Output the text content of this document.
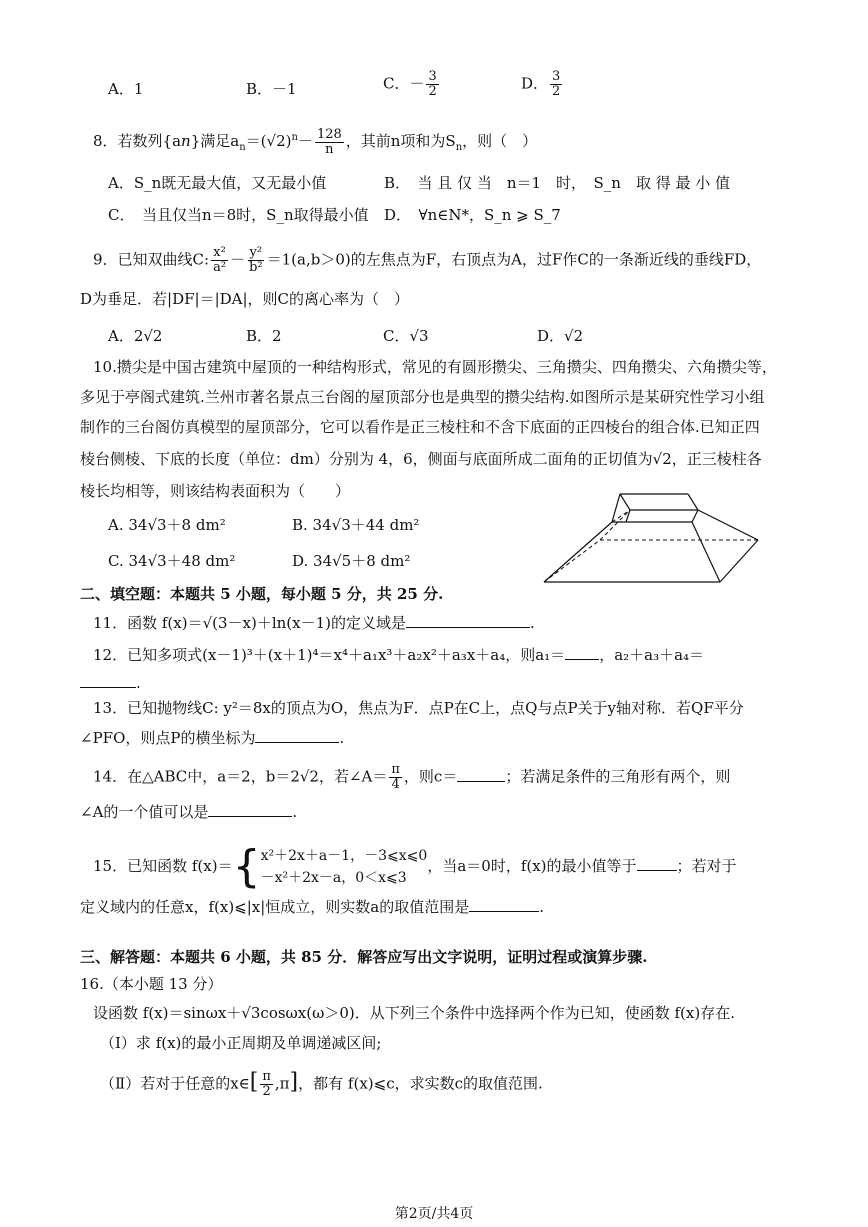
A．1	B．－1	C．－ $\frac{3}{2}$	D． $\frac{3}{2}$
8．若数列{an}满足$a_n=(√2)^n- \frac{128}{n}$ ，其前n项和为$S_n$，则（　）
A．S_n既无最大值，又无最小值	B．　当 且 仅 当　n＝1　时，　S_n　取 得 最 小 值
C．　当且仅当n＝8时，S_n取得最小值 D．　∀n∈N*，S_n ⩾ S_7
9．已知双曲线C: $\frac{\text{x²}}{\text{a²}} - \frac{\text{y²}}{\text{b²}} =1(a,b>0)$的左焦点为F，右顶点为A，过F作C的一条渐近线的垂线FD，
D为垂足．若|DF|＝|DA|，则C的离心率为（　）
A．2√2	B．2	C．√3	D．√2
10.攒尖是中国古建筑中屋顶的一种结构形式，常见的有圆形攒尖、三角攒尖、四角攒尖、六角攒尖等，
多见于亭阁式建筑.兰州市著名景点三台阁的屋顶部分也是典型的攒尖结构.如图所示是某研究性学习小组
制作的三台阁仿真模型的屋顶部分，它可以看作是正三棱柱和不含下底面的正四棱台的组合体.已知正四
棱台侧棱、下底的长度（单位：dm）分别为 4，6，侧面与底面所成二面角的正切值为√2，正三棱柱各
棱长均相等，则该结构表面积为（　　）
A. 34√3＋8 dm²	B. 34√3＋44 dm²
C. 34√3＋48 dm²	D. 34√5＋8 dm²
二、填空题：本题共 5 小题，每小题 5 分，共 25 分.
11．函数 f(x)＝√(3－x)＋ln(x－1)的定义域是	.
12．已知多项式(x－1)³＋(x＋1)⁴＝x⁴＋a₁x³＋a₂x²＋a₃x＋a₄，则a₁＝ ，a₂＋a₃＋a₄＝
.
13．已知抛物线C: y²＝8x的顶点为O，焦点为F．点P在C上，点Q与点P关于y轴对称．若QF平分
∠PFO，则点P的横坐标为	.
14．在△ABC中，a＝2，b＝2√2，若∠A＝ $\frac{\pi}{4}$ ，则c＝	；若满足条件的三角形有两个，则
∠A的一个值可以是	.
15．已知函数 f(x)＝{ x²＋2x＋a－1，－3⩽x⩽0
－x²＋2x－a，0＜x⩽3
，当a＝0时，f(x)的最小值等于	；若对于
定义域内的任意x，f(x)⩽|x|恒成立，则实数a的取值范围是	.
三、解答题：本题共 6 小题，共 85 分．解答应写出文字说明，证明过程或演算步骤.
16.（本小题 13 分）
设函数 f(x)＝sinωx＋√3cosωx(ω＞0)．从下列三个条件中选择两个作为已知，使函数 f(x)存在.
（Ⅰ）求 f(x)的最小正周期及单调递减区间;
（Ⅱ）若对于任意的x∈[ $\frac{\pi}{2} ,\pi$]，都有 f(x)⩽c，求实数c的取值范围.
第2页/共4页
